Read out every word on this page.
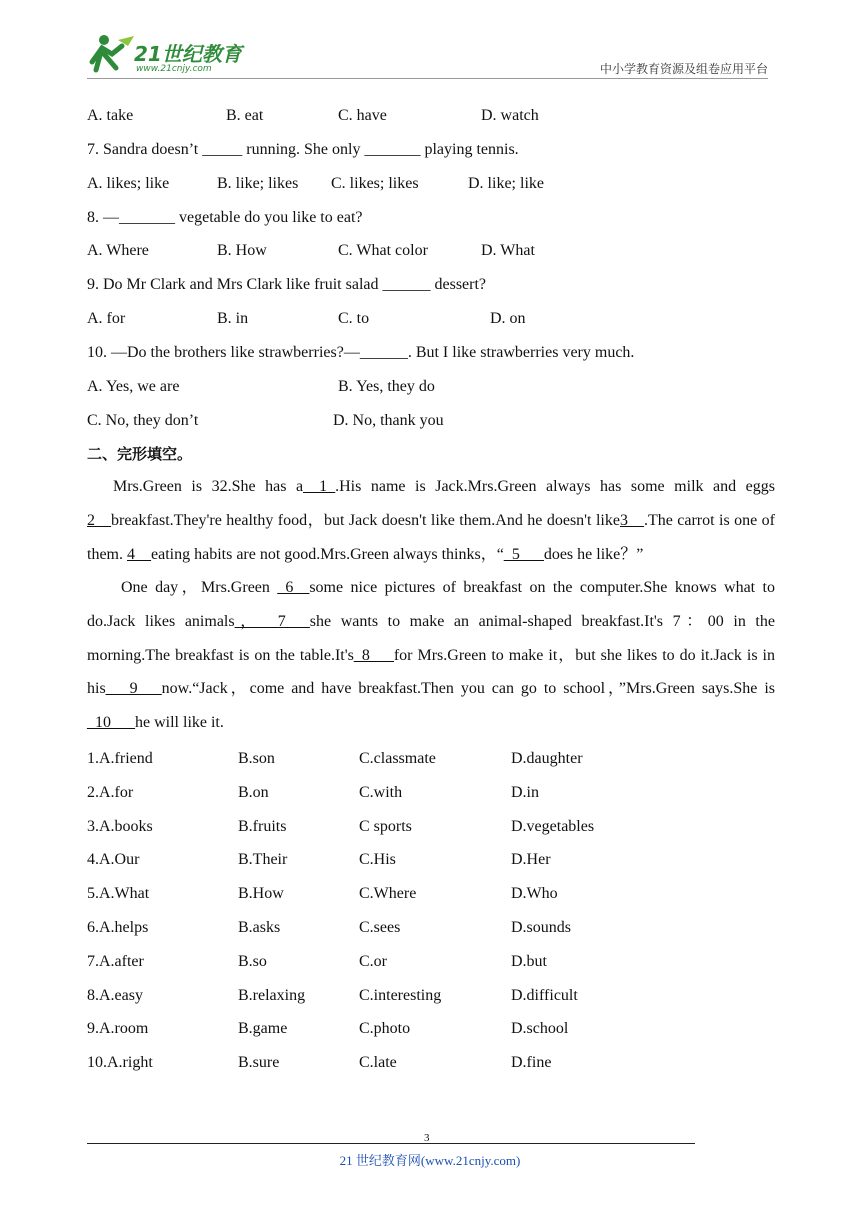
21世纪教育
www.21cnjy.com	中小学教育资源及组卷应用平台
A. take	B. eat	C. have	D. watch
7. Sandra doesn’t _____ running. She only _______ playing tennis.
A. likes; like	B. like; likes C. likes; likes	D. like; like
8. —_______ vegetable do you like to eat?
A. Where	B. How	C. What color	D. What
9. Do Mr Clark and Mrs Clark like fruit salad ______ dessert?
A. for	B. in	C. to	D. on
10. —Do the brothers like strawberries?—______. But I like strawberries very much.
A. Yes, we are	B. Yes, they do
C. No, they don’t	D. No, thank you
二、完形填空。
Mrs.Green is 32.She has a__1_.His name is Jack.Mrs.Green always has some milk and eggs 2__breakfast.They're healthy food，but Jack doesn't like them.And he doesn't like3__.The carrot is one of them. 4__eating habits are not good.Mrs.Green always thinks，“_5___does he like？”
One day，Mrs.Green _6__some nice pictures of breakfast on the computer.She knows what to do.Jack likes animals，__7___she wants to make an animal-shaped breakfast.It's 7：00 in the morning.The breakfast is on the table.It's_8___for Mrs.Green to make it，but she likes to do it.Jack is in his___9___now.“Jack，come and have breakfast.Then you can go to school，”Mrs.Green says.She is _10___he will like it.
1.A.friend	B.son	C.classmate	D.daughter
2.A.for	B.on	C.with	D.in
3.A.books	B.fruits	C sports	D.vegetables
4.A.Our	B.Their	C.His	D.Her
5.A.What	B.How	C.Where	D.Who
6.A.helps	B.asks	C.sees	D.sounds
7.A.after	B.so	C.or	D.but
8.A.easy	B.relaxing	C.interesting	D.difficult
9.A.room	B.game	C.photo	D.school
10.A.right	B.sure	C.late	D.fine
3
21 世纪教育网(www.21cnjy.com)
